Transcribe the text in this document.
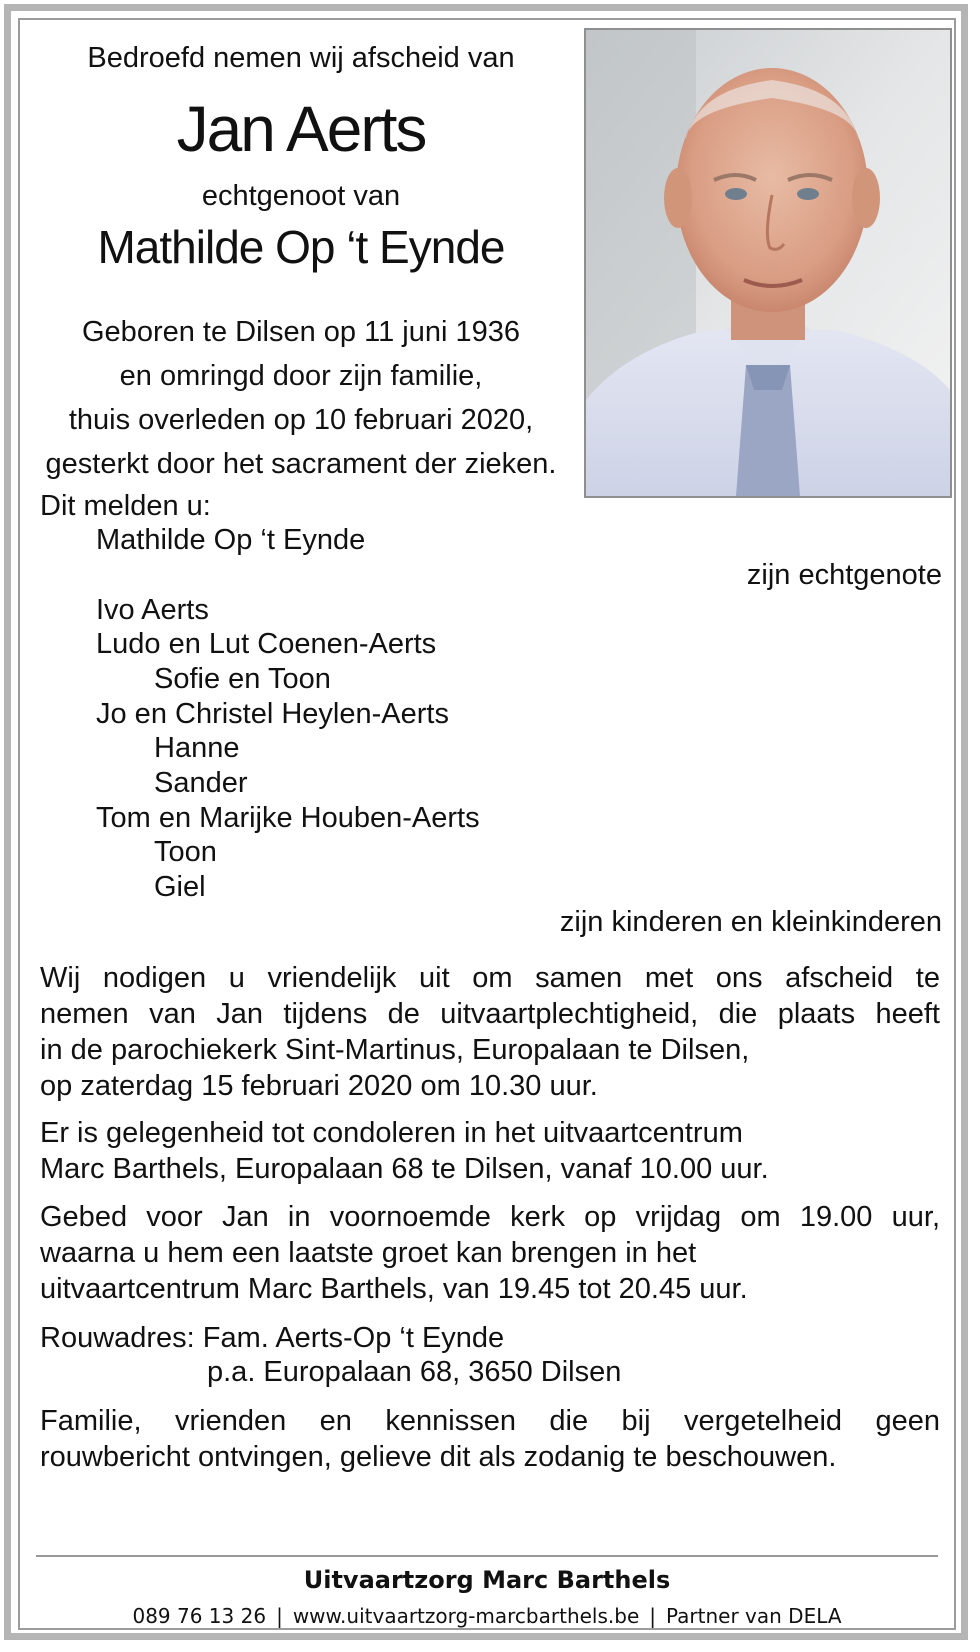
Bedroefd nemen wij afscheid van

Jan Aerts

echtgenoot van

Mathilde Op ‘t Eynde

Geboren te Dilsen op 11 juni 1936

en omringd door zijn familie,

thuis overleden op 10 februari 2020,

gesterkt door het sacrament der zieken.

Dit melden u:

Mathilde Op ‘t Eynde

zijn echtgenote

Ivo Aerts

Ludo en Lut Coenen-Aerts

Sofie en Toon

Jo en Christel Heylen-Aerts

Hanne

Sander

Tom en Marijke Houben-Aerts

Toon

Giel

zijn kinderen en kleinkinderen

Wij nodigen u vriendelijk uit om samen met ons afscheid te
nemen van Jan tijdens de uitvaartplechtigheid, die plaats heeft
in de parochiekerk Sint-Martinus, Europalaan te Dilsen,
op zaterdag 15 februari 2020 om 10.30 uur.
Er is gelegenheid tot condoleren in het uitvaartcentrum
Marc Barthels, Europalaan 68 te Dilsen, vanaf 10.00 uur.
Gebed voor Jan in voornoemde kerk op vrijdag om 19.00 uur,
waarna u hem een laatste groet kan brengen in het
uitvaartcentrum Marc Barthels, van 19.45 tot 20.45 uur.

Rouwadres: Fam. Aerts-Op ‘t Eynde

p.a. Europalaan 68, 3650 Dilsen

Familie, vrienden en kennissen die bij vergetelheid geen
rouwbericht ontvingen, gelieve dit als zodanig te beschouwen.

Uitvaartzorg Marc Barthels

089 76 13 26 | www.uitvaartzorg-marcbarthels.be | Partner van DELA
